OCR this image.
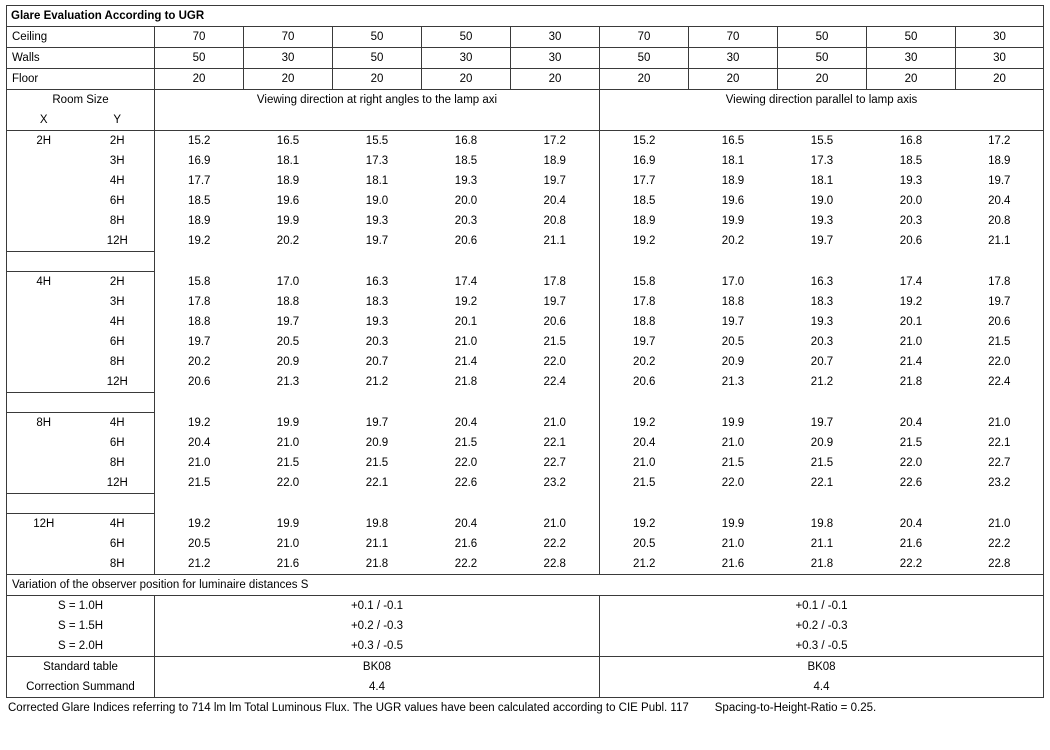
Glare Evaluation According to UGR										
Ceiling	70	70	50	50	30	70	70	50	50	30
Walls	50	30	50	30	30	50	30	50	30	30
Floor	20	20	20	20	20	20	20	20	20	20
Room Size	Viewing direction at right angles to the lamp axi					Viewing direction parallel to lamp axis				

X Y										

2H 2H	15.2	16.5	15.5	16.8	17.2	15.2	16.5	15.5	16.8	17.2

3H	16.9	18.1	17.3	18.5	18.9	16.9	18.1	17.3	18.5	18.9

4H	17.7	18.9	18.1	19.3	19.7	17.7	18.9	18.1	19.3	19.7

6H	18.5	19.6	19.0	20.0	20.4	18.5	19.6	19.0	20.0	20.4

8H	18.9	19.9	19.3	20.3	20.8	18.9	19.9	19.3	20.3	20.8

12H	19.2	20.2	19.7	20.6	21.1	19.2	20.2	19.7	20.6	21.1

4H 2H	15.8	17.0	16.3	17.4	17.8	15.8	17.0	16.3	17.4	17.8

3H	17.8	18.8	18.3	19.2	19.7	17.8	18.8	18.3	19.2	19.7

4H	18.8	19.7	19.3	20.1	20.6	18.8	19.7	19.3	20.1	20.6

6H	19.7	20.5	20.3	21.0	21.5	19.7	20.5	20.3	21.0	21.5

8H	20.2	20.9	20.7	21.4	22.0	20.2	20.9	20.7	21.4	22.0

12H	20.6	21.3	21.2	21.8	22.4	20.6	21.3	21.2	21.8	22.4

8H 4H	19.2	19.9	19.7	20.4	21.0	19.2	19.9	19.7	20.4	21.0

6H	20.4	21.0	20.9	21.5	22.1	20.4	21.0	20.9	21.5	22.1

8H	21.0	21.5	21.5	22.0	22.7	21.0	21.5	21.5	22.0	22.7

12H	21.5	22.0	22.1	22.6	23.2	21.5	22.0	22.1	22.6	23.2

12H 4H	19.2	19.9	19.8	20.4	21.0	19.2	19.9	19.8	20.4	21.0

6H	20.5	21.0	21.1	21.6	22.2	20.5	21.0	21.1	21.6	22.2

8H	21.2	21.6	21.8	22.2	22.8	21.2	21.6	21.8	22.2	22.8
Variation of the observer position for luminaire distances S										
S = 1.0H	+0.1 / -0.1					+0.1 / -0.1				
S = 1.5H	+0.2 / -0.3					+0.2 / -0.3				
S = 2.0H	+0.3 / -0.5					+0.3 / -0.5				
Standard table	BK08					BK08				
Correction Summand	4.4					4.4				
Corrected Glare Indices referring to 714 lm lm Total Luminous Flux. The UGR values have been calculated according to CIE Publ. 117 Spacing-to-Height-Ratio = 0.25.
